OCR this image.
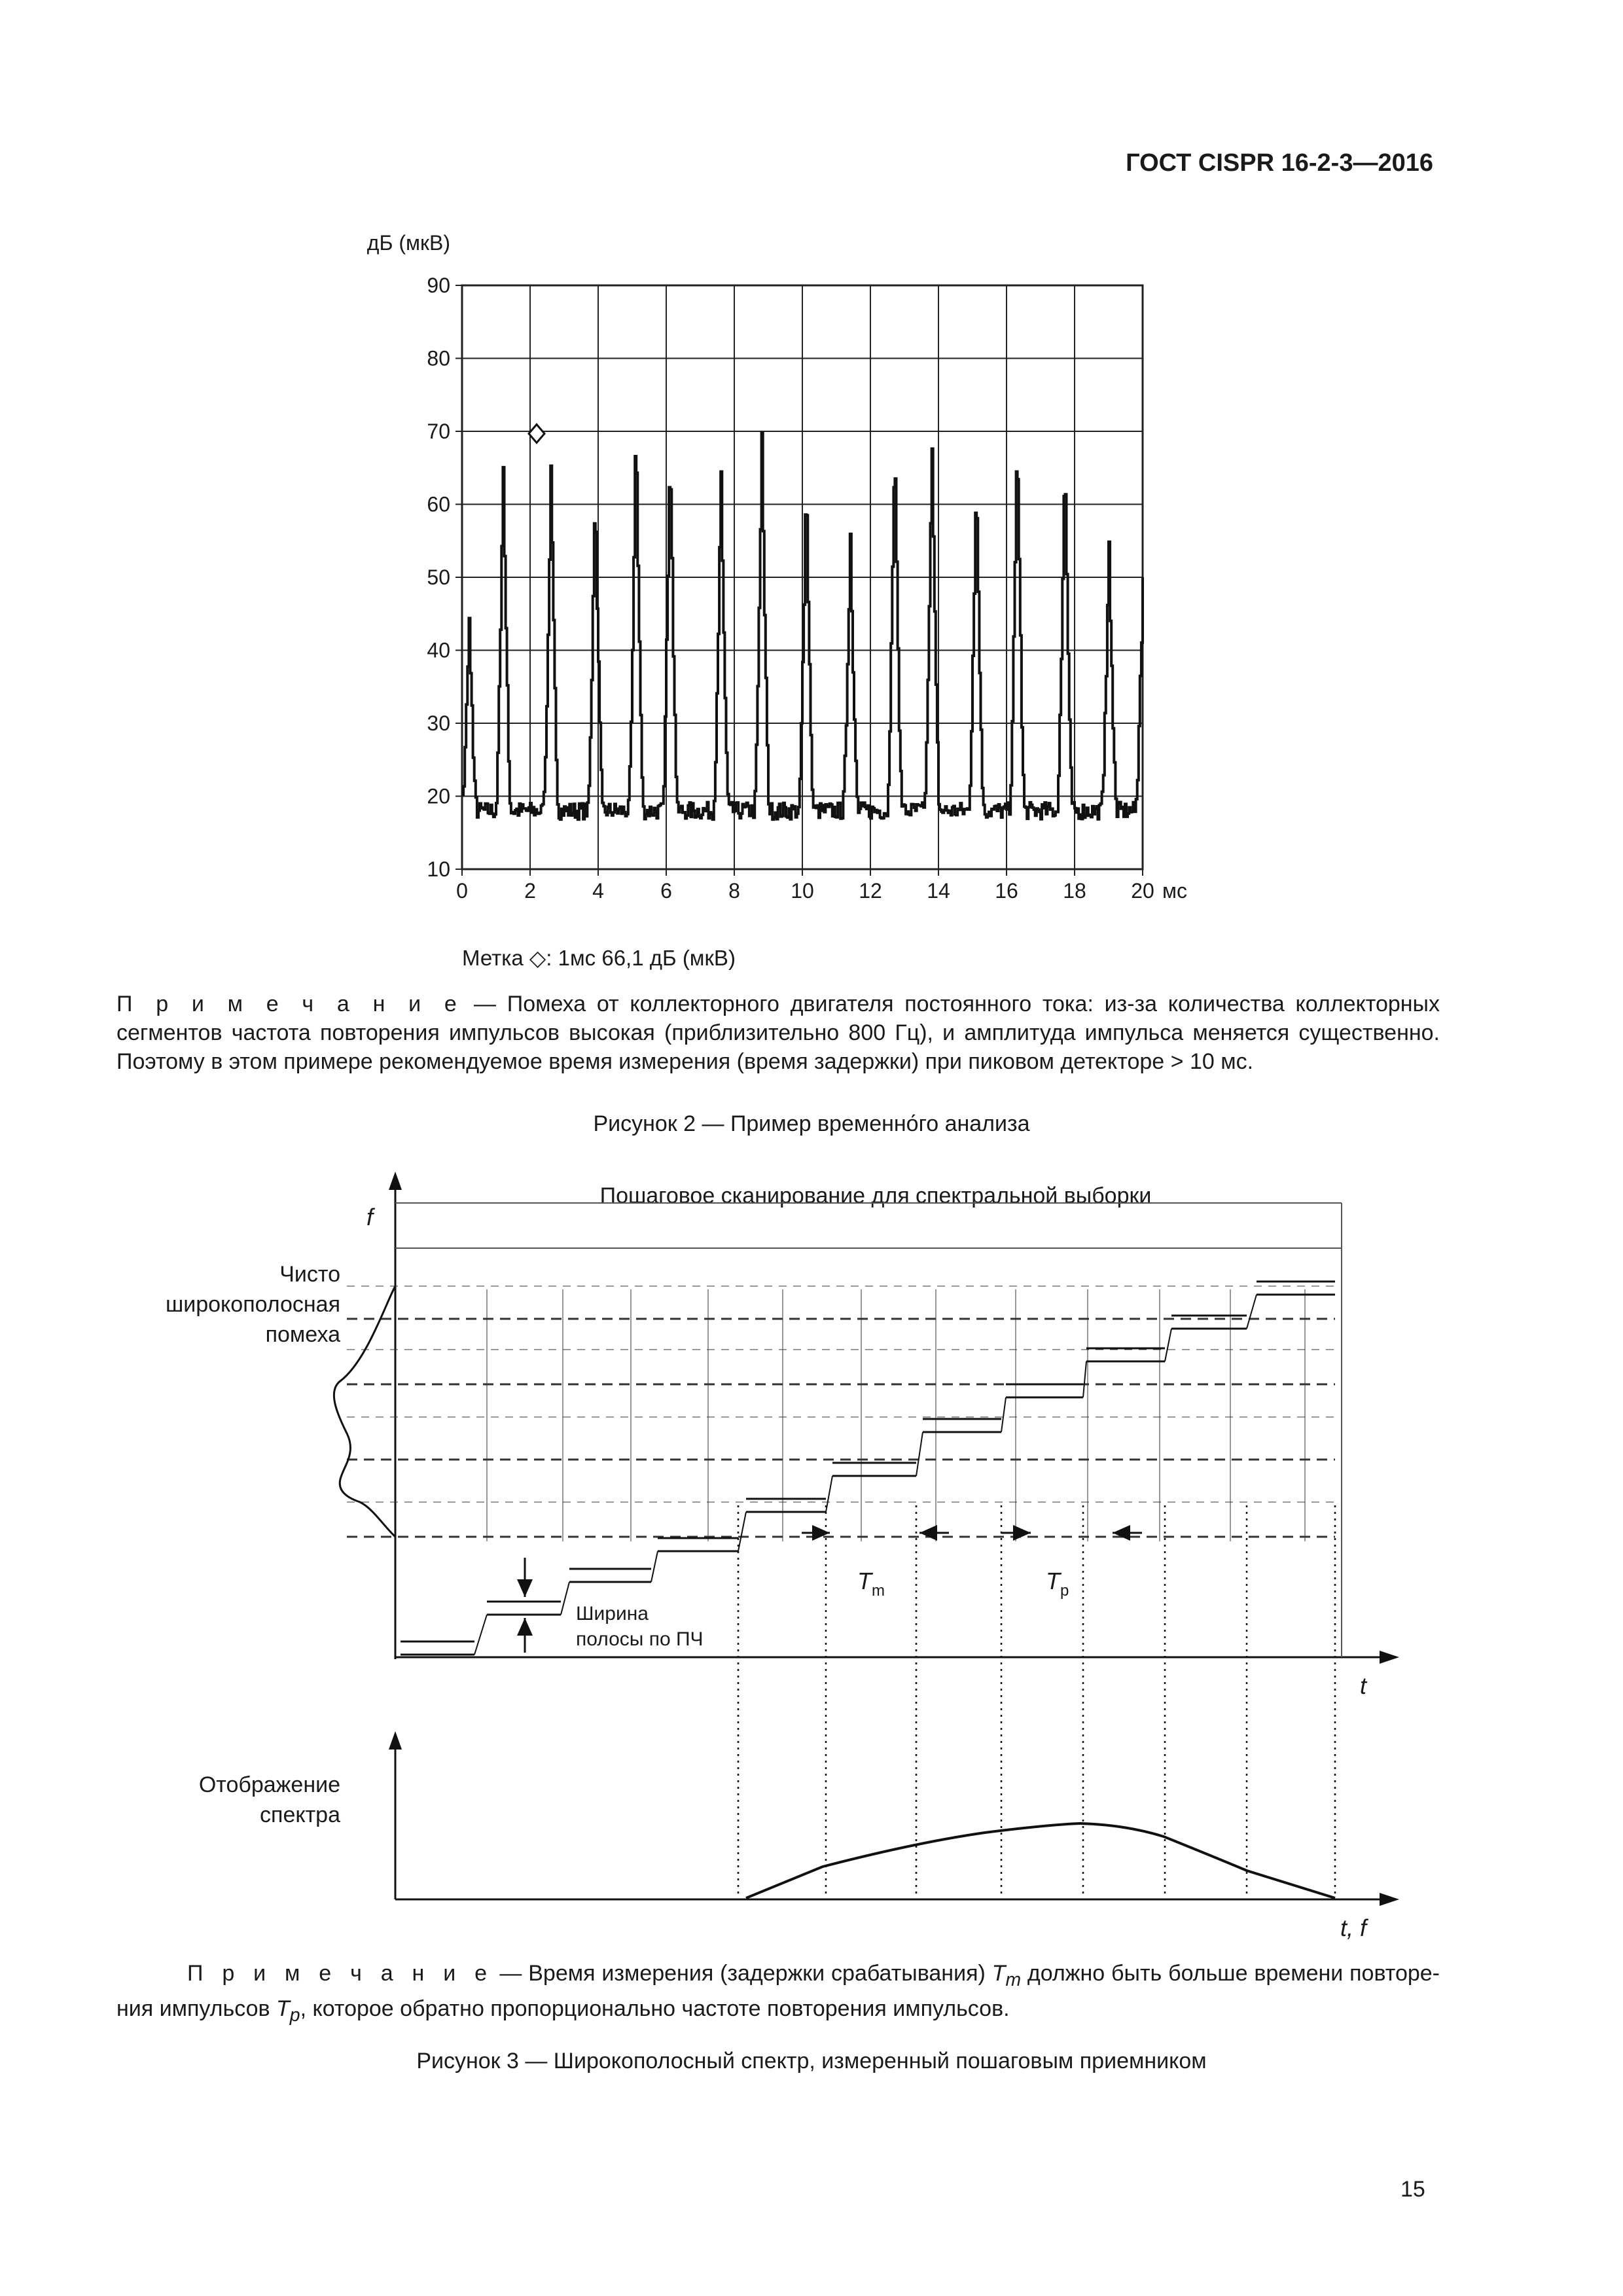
ГОСТ CISPR 16-2-3—2016
дБ (мкВ)
0	2	4	6	8 10 12 14 16 18 20
10
20
30
40
50
60
70
80
90
мс
Метка ◇: 1мс 66,1 дБ (мкВ)
П р и м е ч а н и е — Помеха от коллекторного двигателя постоянного тока: из-за количества коллекторных сегментов частота повторения импульсов высокая (приблизительно 800 Гц), и амплитуда импульса меняется существенно. Поэтому в этом примере рекомендуемое время измерения (время задержки) при пиковом детекторе > 10 мс.
Рисунок 2 — Пример временно́го анализа
Пошаговое сканирование для спектральной выборки
f
t
Чисто
широкополосная
помеха
Ширина
полосы по ПЧ
$T_m$	$T_p$
t, f
Отображение
спектра
П р и м е ч а н и е — Время измерения (задержки срабатывания) $T_m$ должно быть больше времени повторе-
ния импульсов $T_p$, которое обратно пропорционально частоте повторения импульсов.
Рисунок 3 — Широкополосный спектр, измеренный пошаговым приемником
15
